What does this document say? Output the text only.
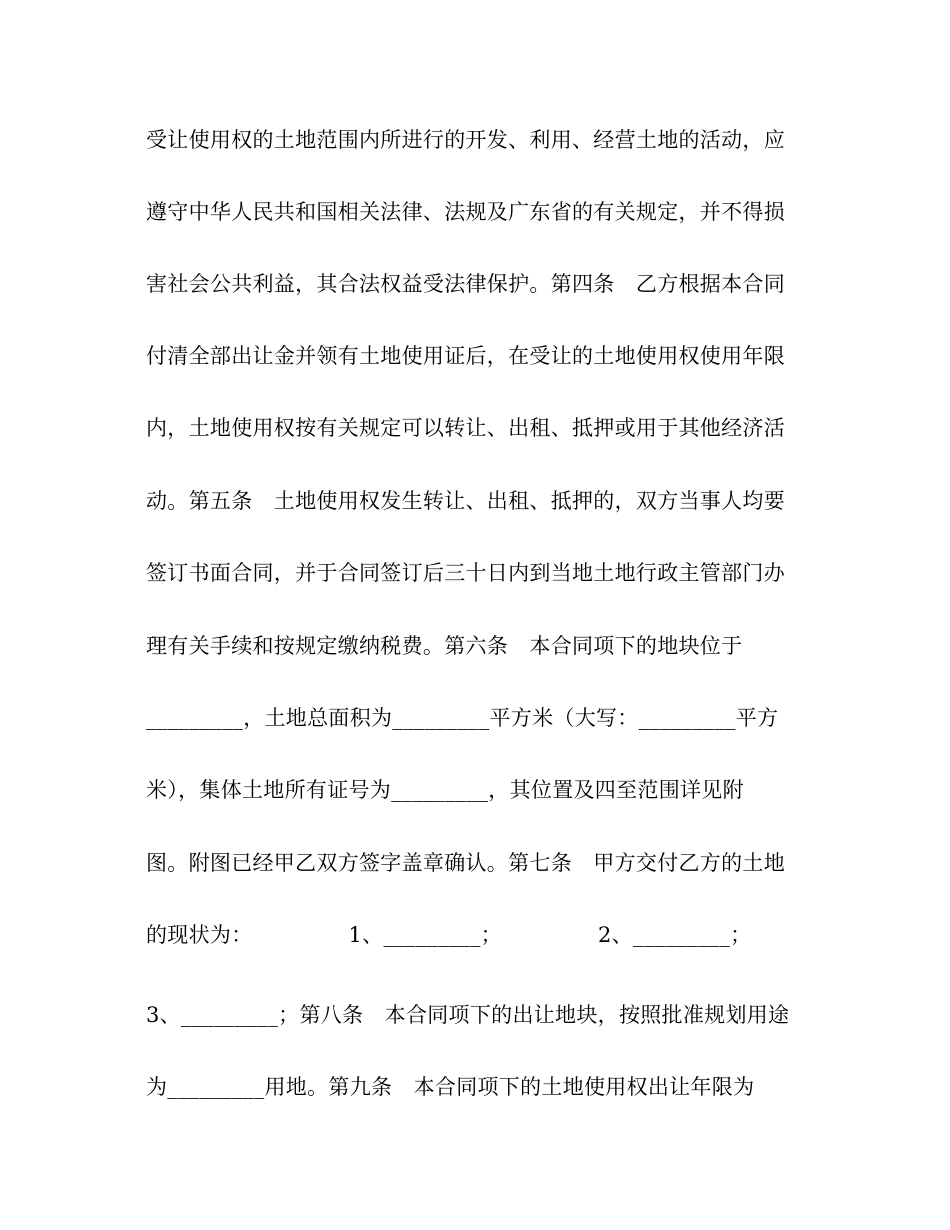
受让使用权的土地范围内所进行的开发、利用、经营土地的活动，应
遵守中华人民共和国相关法律、法规及广东省的有关规定，并不得损
害社会公共利益，其合法权益受法律保护。第四条　乙方根据本合同
付清全部出让金并领有土地使用证后，在受让的土地使用权使用年限
内，土地使用权按有关规定可以转让、出租、抵押或用于其他经济活
动。第五条　土地使用权发生转让、出租、抵押的，双方当事人均要
签订书面合同，并于合同签订后三十日内到当地土地行政主管部门办
理有关手续和按规定缴纳税费。第六条　本合同项下的地块位于
_________，土地总面积为_________平方米（大写：_________平方
米），集体土地所有证号为_________，其位置及四至范围详见附
图。附图已经甲乙双方签字盖章确认。第七条　甲方交付乙方的土地
的现状为：　　　　　1、_________；　　　　　2、_________；
3、_________；第八条　本合同项下的出让地块，按照批准规划用途
为_________用地。第九条　本合同项下的土地使用权出让年限为
